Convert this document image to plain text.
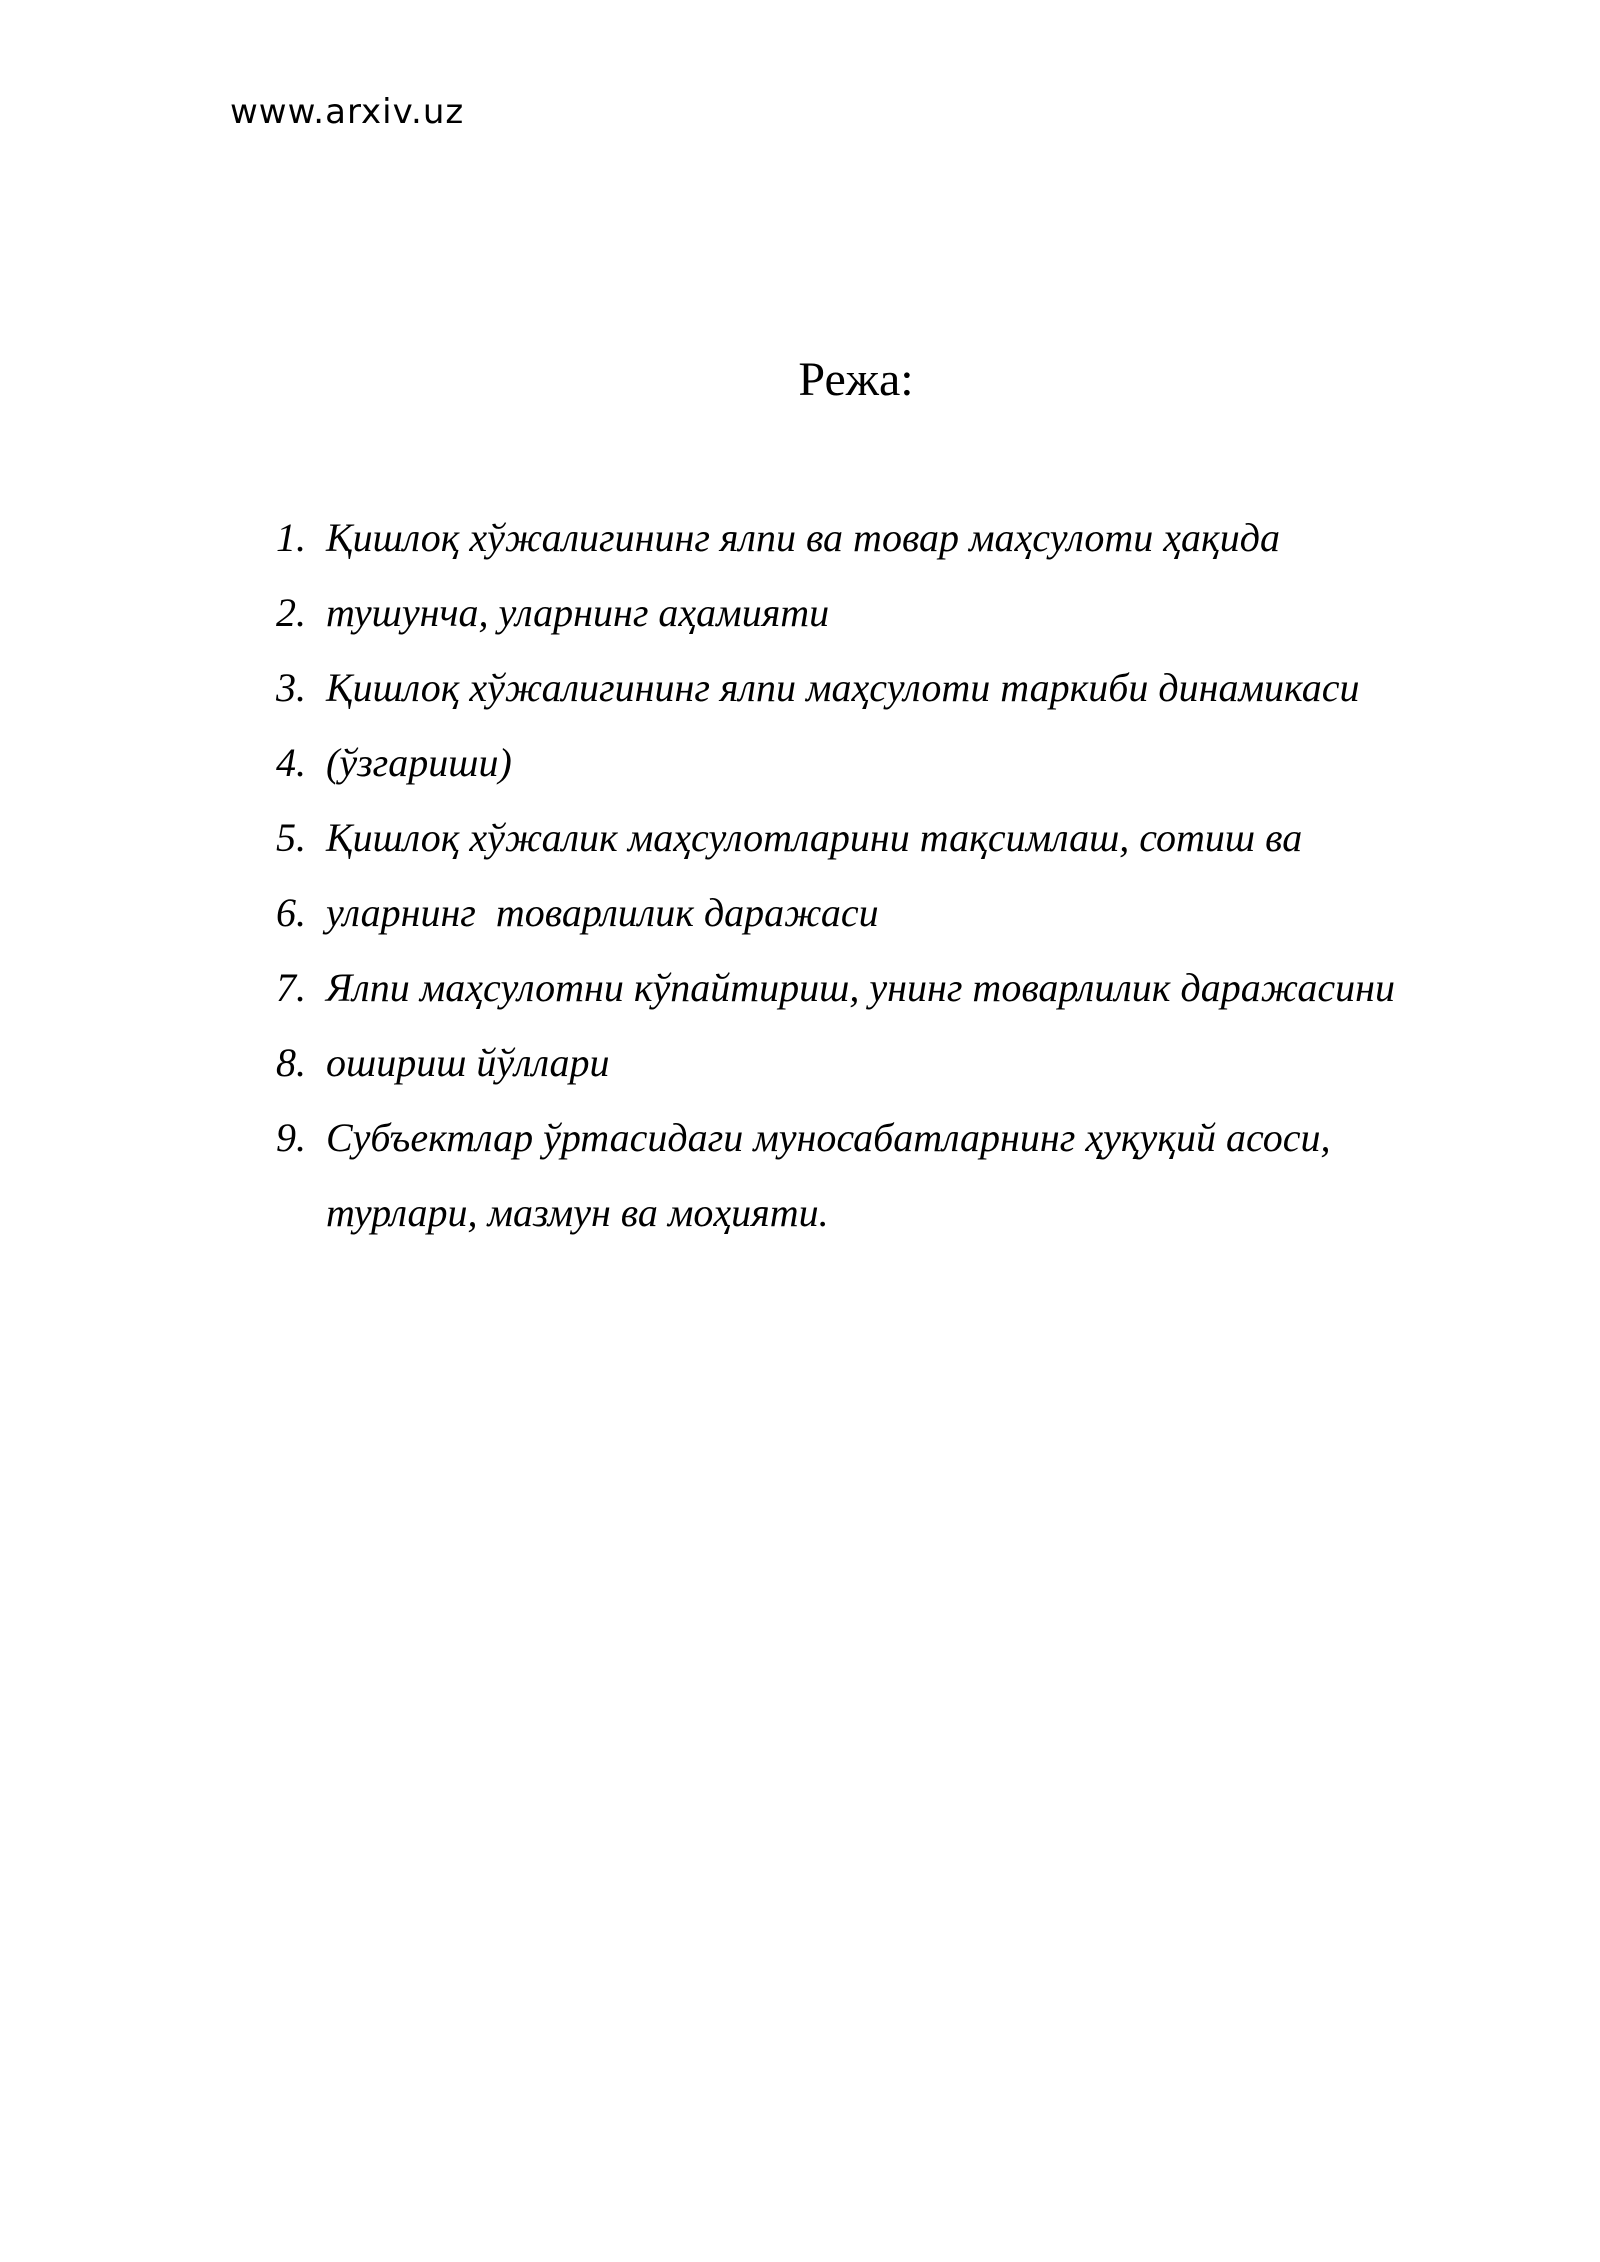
www.arxiv.uz
Режа:
1. Қишлоқ хўжалигининг ялпи ва товар маҳсулоти ҳақида
2. тушунча, уларнинг аҳамияти
3. Қишлоқ хўжалигининг ялпи маҳсулоти таркиби динамикаси
4. (ўзгариши)
5. Қишлоқ хўжалик маҳсулотларини тақсимлаш, сотиш ва
6. уларнинг  товарлилик даражаси
7. Ялпи маҳсулотни кўпайтириш, унинг товарлилик даражасини
8. ошириш йўллари
9. Субъектлар ўртасидаги муносабатларнинг ҳуқуқий асоси,
турлари, мазмун ва моҳияти.
